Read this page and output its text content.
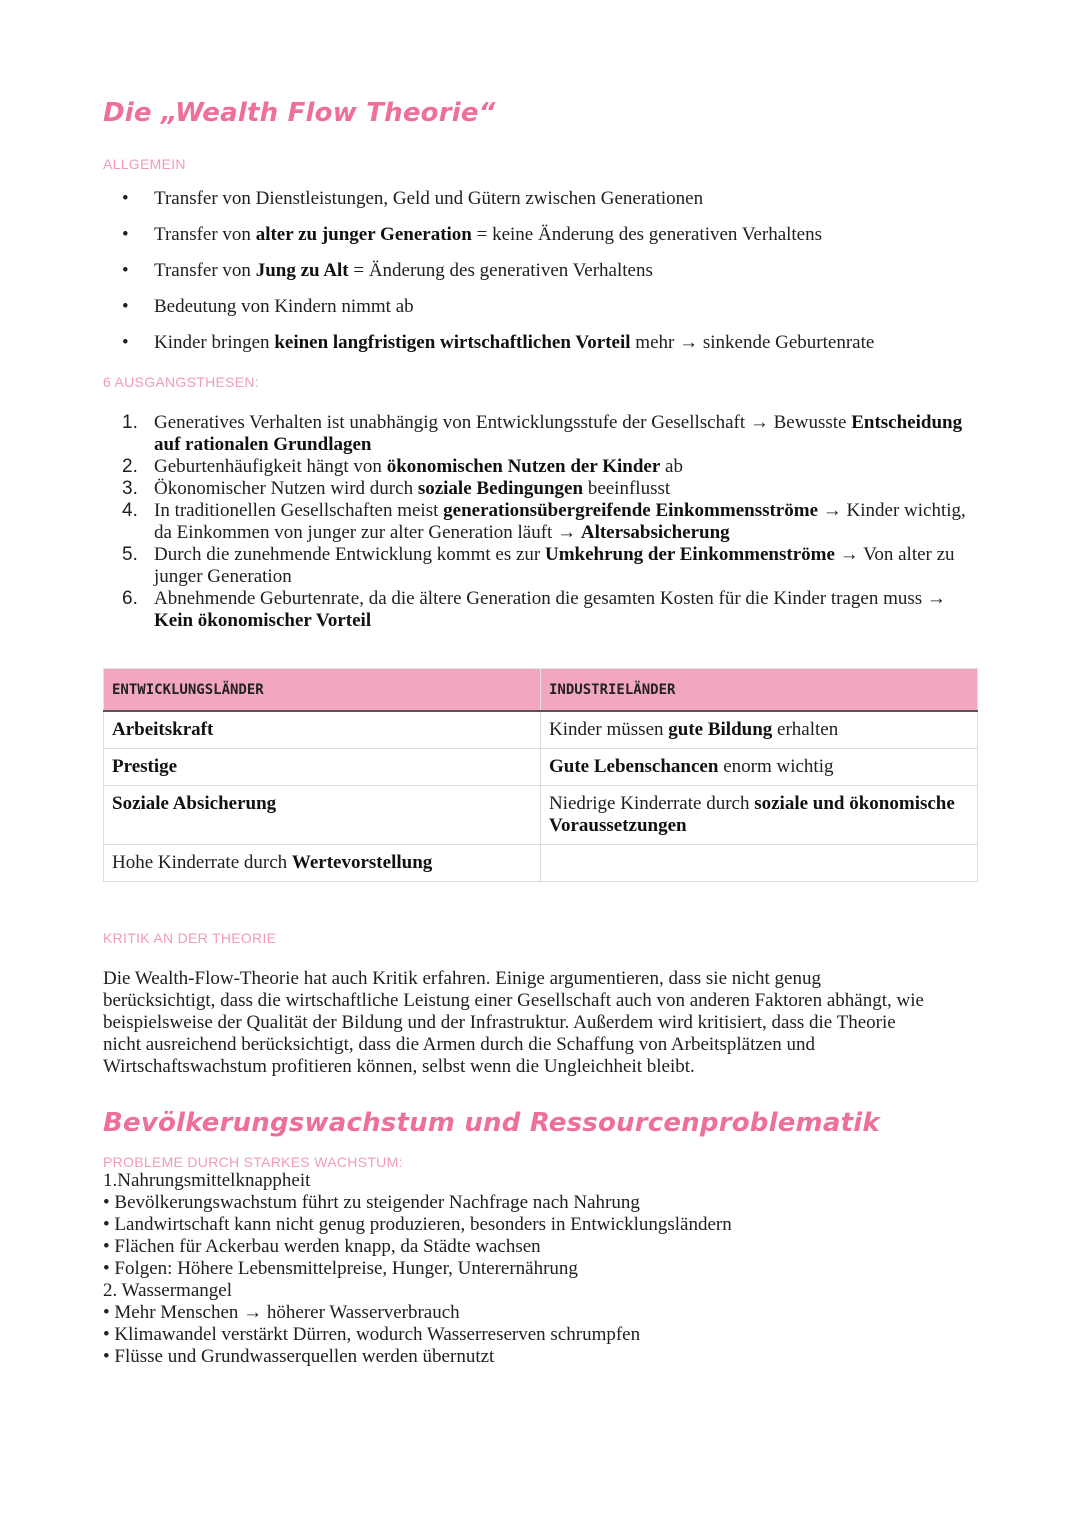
Die „Wealth Flow Theorie“

ALLGEMEIN

• Transfer von Dienstleistungen, Geld und Gütern zwischen Generationen
• Transfer von alter zu junger Generation = keine Änderung des generativen Verhaltens
• Transfer von Jung zu Alt = Änderung des generativen Verhaltens
• Bedeutung von Kindern nimmt ab
• Kinder bringen keinen langfristigen wirtschaftlichen Vorteil mehr → sinkende Geburtenrate

6 AUSGANGSTHESEN:

1. Generatives Verhalten ist unabhängig von Entwicklungsstufe der Gesellschaft → Bewusste Entscheidung auf rationalen Grundlagen
2. Geburtenhäufigkeit hängt von ökonomischen Nutzen der Kinder ab
3. Ökonomischer Nutzen wird durch soziale Bedingungen beeinflusst
4. In traditionellen Gesellschaften meist generationsübergreifende Einkommensströme → Kinder wichtig, da Einkommen von junger zur alter Generation läuft → Altersabsicherung
5. Durch die zunehmende Entwicklung kommt es zur Umkehrung der Einkommenströme → Von alter zu junger Generation
6. Abnehmende Geburtenrate, da die ältere Generation die gesamten Kosten für die Kinder tragen muss → Kein ökonomischer Vorteil
ENTWICKLUNGSLÄNDER	INDUSTRIELÄNDER
Arbeitskraft	Kinder müssen gute Bildung erhalten
Prestige	Gute Lebenschancen enorm wichtig
Soziale Absicherung	Niedrige Kinderrate durch soziale und ökonomische Voraussetzungen
Hohe Kinderrate durch Wertevorstellung	

KRITIK AN DER THEORIE

Die Wealth-Flow-Theorie hat auch Kritik erfahren. Einige argumentieren, dass sie nicht genug
berücksichtigt, dass die wirtschaftliche Leistung einer Gesellschaft auch von anderen Faktoren abhängt, wie
beispielsweise der Qualität der Bildung und der Infrastruktur. Außerdem wird kritisiert, dass die Theorie
nicht ausreichend berücksichtigt, dass die Armen durch die Schaffung von Arbeitsplätzen und
Wirtschaftswachstum profitieren können, selbst wenn die Ungleichheit bleibt.
Bevölkerungswachstum und Ressourcenproblematik

PROBLEME DURCH STARKES WACHSTUM:

1.Nahrungsmittelknappheit
• Bevölkerungswachstum führt zu steigender Nachfrage nach Nahrung
• Landwirtschaft kann nicht genug produzieren, besonders in Entwicklungsländern
• Flächen für Ackerbau werden knapp, da Städte wachsen
• Folgen: Höhere Lebensmittelpreise, Hunger, Unterernährung
2. Wassermangel
• Mehr Menschen → höherer Wasserverbrauch
• Klimawandel verstärkt Dürren, wodurch Wasserreserven schrumpfen
• Flüsse und Grundwasserquellen werden übernutzt
